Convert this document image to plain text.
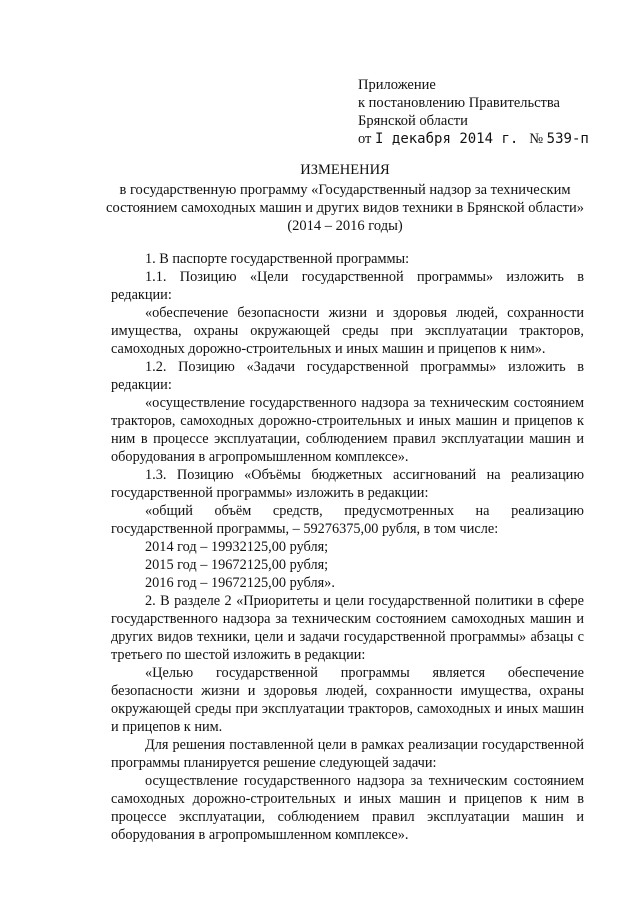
Приложение
к постановлению Правительства
Брянской области
от I декабря 2014 г. № 539-п
ИЗМЕНЕНИЯ
в государственную программу «Государственный надзор за техническим
состоянием самоходных машин и других видов техники в Брянской области»
(2014 – 2016 годы)

1. В паспорте государственной программы:

1.1. Позицию «Цели государственной программы» изложить в редакции:

«обеспечение безопасности жизни и здоровья людей, сохранности имущества, охраны окружающей среды при эксплуатации тракторов, самоходных дорожно-строительных и иных машин и прицепов к ним».

1.2. Позицию «Задачи государственной программы» изложить в редакции:

«осуществление государственного надзора за техническим состоянием тракторов, самоходных дорожно-строительных и иных машин и прицепов к ним в процессе эксплуатации, соблюдением правил эксплуатации машин и оборудования в агропромышленном комплексе».

1.3. Позицию «Объёмы бюджетных ассигнований на реализацию государственной программы» изложить в редакции:

«общий объём средств, предусмотренных на реализацию государственной программы, – 59276375,00 рубля, в том числе:

2014 год – 19932125,00 рубля;

2015 год – 19672125,00 рубля;

2016 год – 19672125,00 рубля».

2. В разделе 2 «Приоритеты и цели государственной политики в сфере государственного надзора за техническим состоянием самоходных машин и других видов техники, цели и задачи государственной программы» абзацы с третьего по шестой изложить в редакции:

«Целью государственной программы является обеспечение безопасности жизни и здоровья людей, сохранности имущества, охраны окружающей среды при эксплуатации тракторов, самоходных и иных машин и прицепов к ним.

Для решения поставленной цели в рамках реализации государственной программы планируется решение следующей задачи:

осуществление государственного надзора за техническим состоянием самоходных дорожно-строительных и иных машин и прицепов к ним в процессе эксплуатации, соблюдением правил эксплуатации машин и оборудования в агропромышленном комплексе».
